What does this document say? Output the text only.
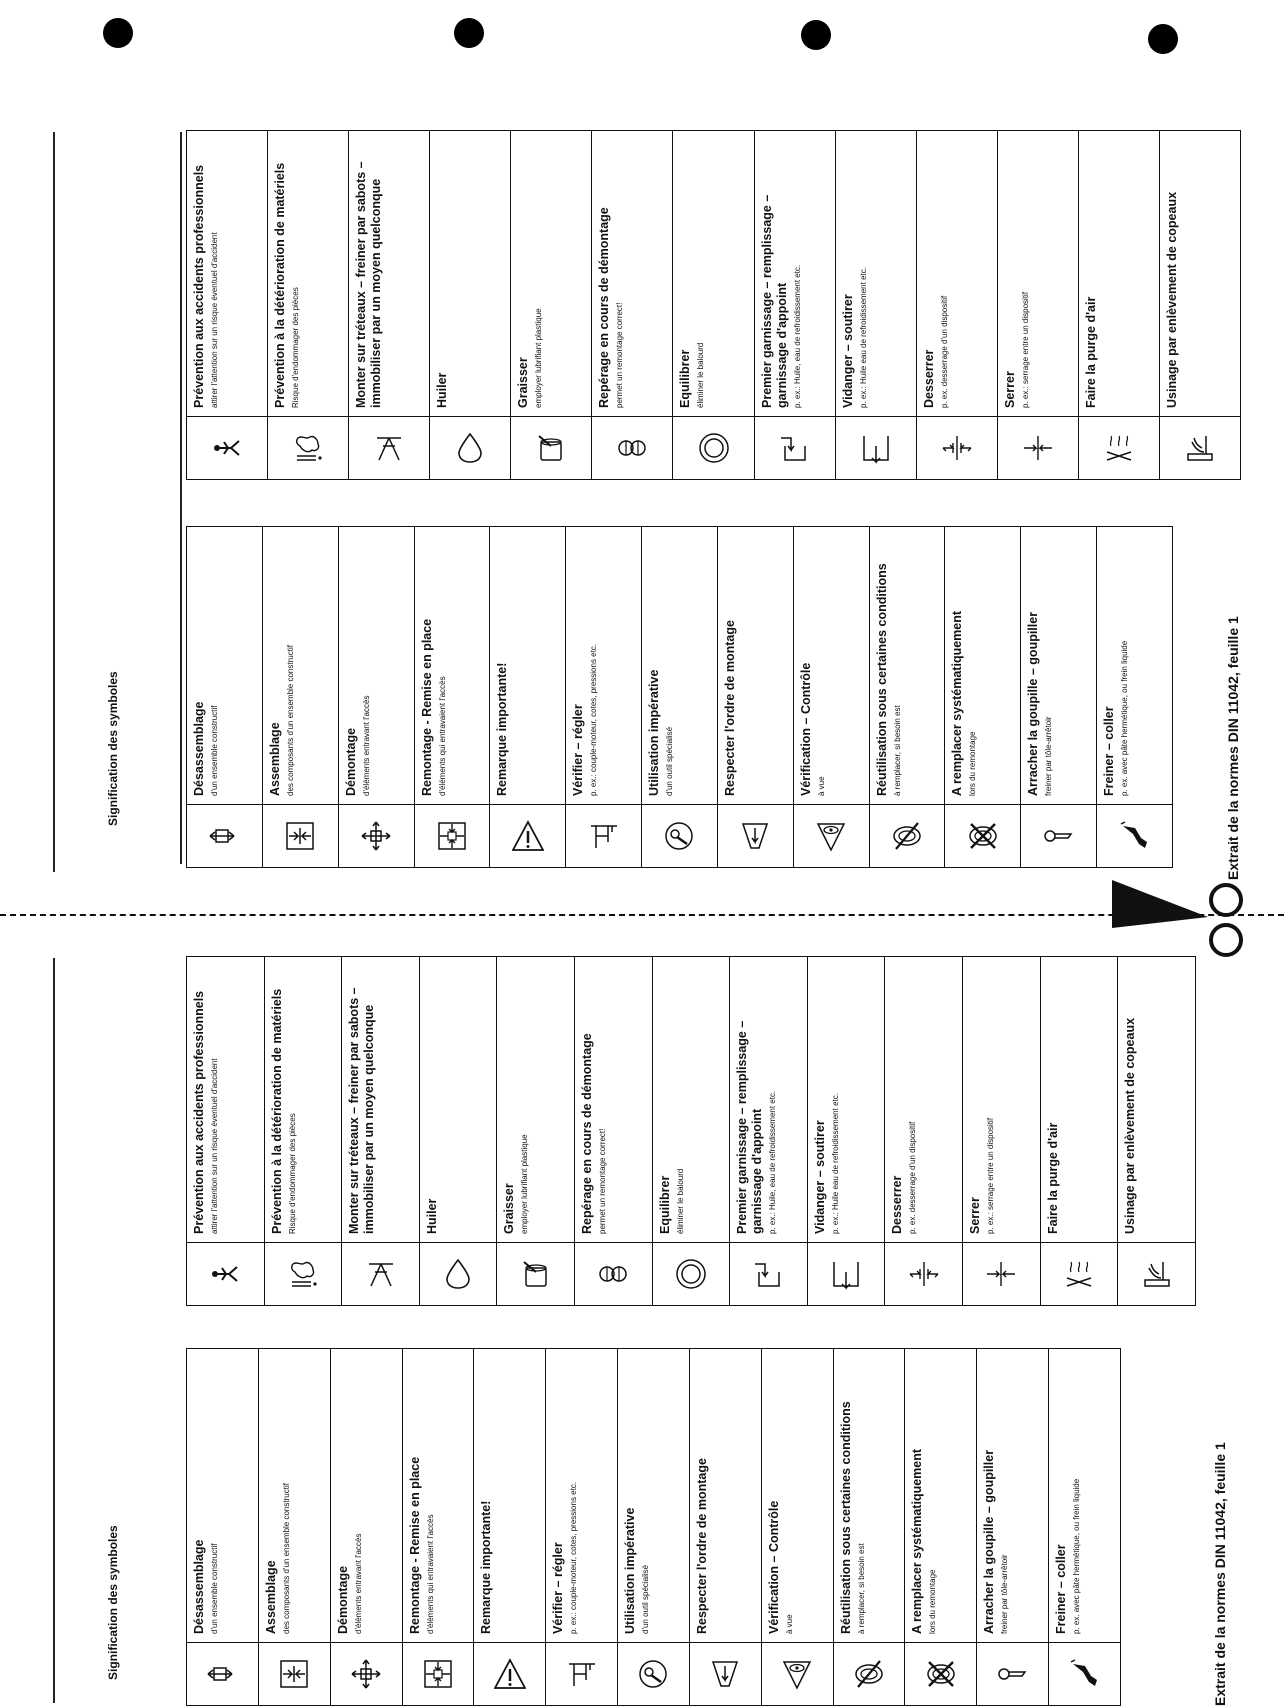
Signification des symboles
Signification des symboles
Désassemblage d'un ensemble constructif	Assemblage des composants d'un ensemble constructif	Démontage d'éléments entravant l'accès	Remontage - Remise en place d'éléments qui entravaient l'accès	Remarque importante!	Vérifier – régler p. ex.: couple-moteur, cotes, pressions etc.	Utilisation impérative d'un outil spécialisé	Respecter l'ordre de montage	Vérification – Contrôle à vue	Réutilisation sous certaines conditions à remplacer, si besoin est	A remplacer systématiquement lors du remontage	Arracher la goupille – goupiller freiner par tôle-arrêtoir	Freiner – coller p. ex. avec pâte hermétique, ou frein liquide
Prévention aux accidents professionnels attirer l'attention sur un risque éventuel d'accident	Prévention à la détérioration de matériels Risque d'endommager des pièces	Monter sur tréteaux – freiner par sabots – immobiliser par un moyen quelconque	Huiler	Graisser employer lubrifiant plastique	Repérage en cours de démontage permet un remontage correct!	Equilibrer éliminer le balourd	Premier garnissage – remplissage – garnissage d'appoint p. ex.: Huile, eau de refroidissement etc.	Vidanger – soutirer p. ex.: Huile eau de refroidissement etc.	Desserrer p. ex. desserrage d'un dispositif	Serrer p. ex.: serrage entre un dispositif	Faire la purge d'air	Usinage par enlèvement de copeaux
Désassemblage d'un ensemble constructif	Assemblage des composants d'un ensemble constructif	Démontage d'éléments entravant l'accès	Remontage - Remise en place d'éléments qui entravaient l'accès	Remarque importante!	Vérifier – régler p. ex.: couple-moteur, cotes, pressions etc.	Utilisation impérative d'un outil spécialisé	Respecter l'ordre de montage	Vérification – Contrôle à vue	Réutilisation sous certaines conditions à remplacer, si besoin est	A remplacer systématiquement lors du remontage	Arracher la goupille – goupiller freiner par tôle-arrêtoir	Freiner – coller p. ex. avec pâte hermétique, ou frein liquide
Prévention aux accidents professionnels attirer l'attention sur un risque éventuel d'accident	Prévention à la détérioration de matériels Risque d'endommager des pièces	Monter sur tréteaux – freiner par sabots – immobiliser par un moyen quelconque	Huiler	Graisser employer lubrifiant plastique	Repérage en cours de démontage permet un remontage correct!	Equilibrer éliminer le balourd	Premier garnissage – remplissage – garnissage d'appoint p. ex.: Huile, eau de refroidissement etc.	Vidanger – soutirer p. ex.: Huile eau de refroidissement etc.	Desserrer p. ex. desserrage d'un dispositif	Serrer p. ex.: serrage entre un dispositif	Faire la purge d'air	Usinage par enlèvement de copeaux
Extrait de la normes DIN 11042, feuille 1
Extrait de la normes DIN 11042, feuille 1
